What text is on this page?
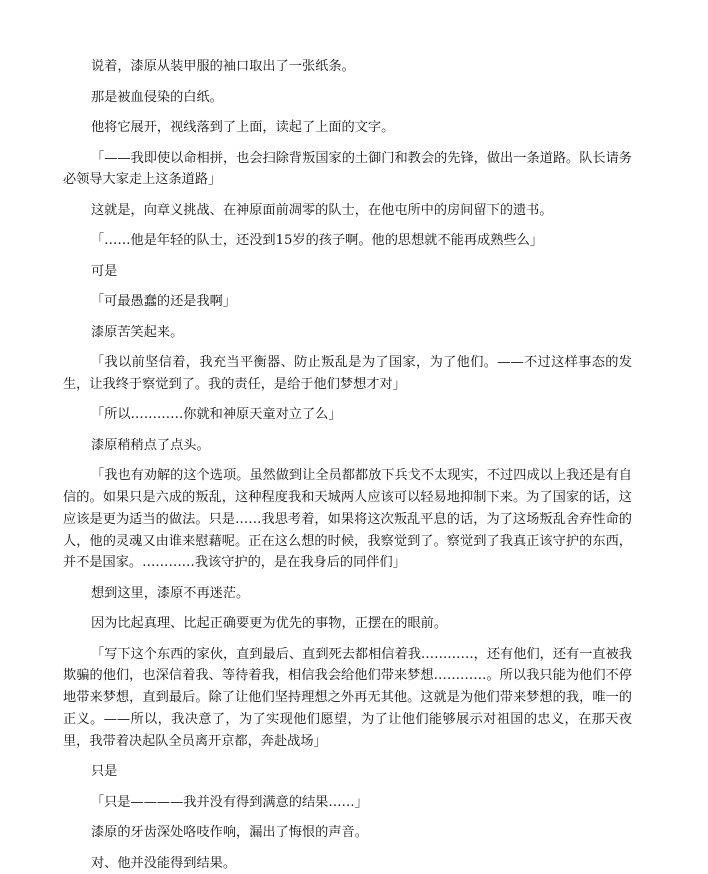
说着，漆原从装甲服的袖口取出了一张纸条。

那是被血侵染的白纸。

他将它展开，视线落到了上面，读起了上面的文字。

「——我即使以命相拼，也会扫除背叛国家的土御门和教会的先锋，做出一条道路。队长请务必领导大家走上这条道路」

这就是，向章义挑战、在神原面前凋零的队士，在他屯所中的房间留下的遗书。

「……他是年轻的队士，还没到15岁的孩子啊。他的思想就不能再成熟些么」

可是

「可最愚蠢的还是我啊」

漆原苦笑起来。

「我以前坚信着，我充当平衡器、防止叛乱是为了国家，为了他们。——不过这样事态的发生，让我终于察觉到了。我的责任，是给于他们梦想才对」

「所以…………你就和神原天童对立了么」

漆原稍稍点了点头。

「我也有劝解的这个选项。虽然做到让全员都都放下兵戈不太现实，不过四成以上我还是有自信的。如果只是六成的叛乱，这种程度我和天城两人应该可以轻易地抑制下来。为了国家的话，这应该是更为适当的做法。只是……我思考着，如果将这次叛乱平息的话，为了这场叛乱舍弃性命的人，他的灵魂又由谁来慰藉呢。正在这么想的时候，我察觉到了。察觉到了我真正该守护的东西，并不是国家。…………我该守护的，是在我身后的同伴们」

想到这里，漆原不再迷茫。

因为比起真理、比起正确要更为优先的事物，正摆在的眼前。

「写下这个东西的家伙，直到最后、直到死去都相信着我…………，还有他们，还有一直被我欺骗的他们，也深信着我、等待着我，相信我会给他们带来梦想…………。所以我只能为他们不停地带来梦想，直到最后。除了让他们坚持理想之外再无其他。这就是为他们带来梦想的我，唯一的正义。——所以，我决意了，为了实现他们愿望，为了让他们能够展示对祖国的忠义，在那天夜里，我带着决起队全员离开京都，奔赴战场」

只是

「只是————我并没有得到满意的结果……」

漆原的牙齿深处咯吱作响，漏出了悔恨的声音。

对、他并没能得到结果。
